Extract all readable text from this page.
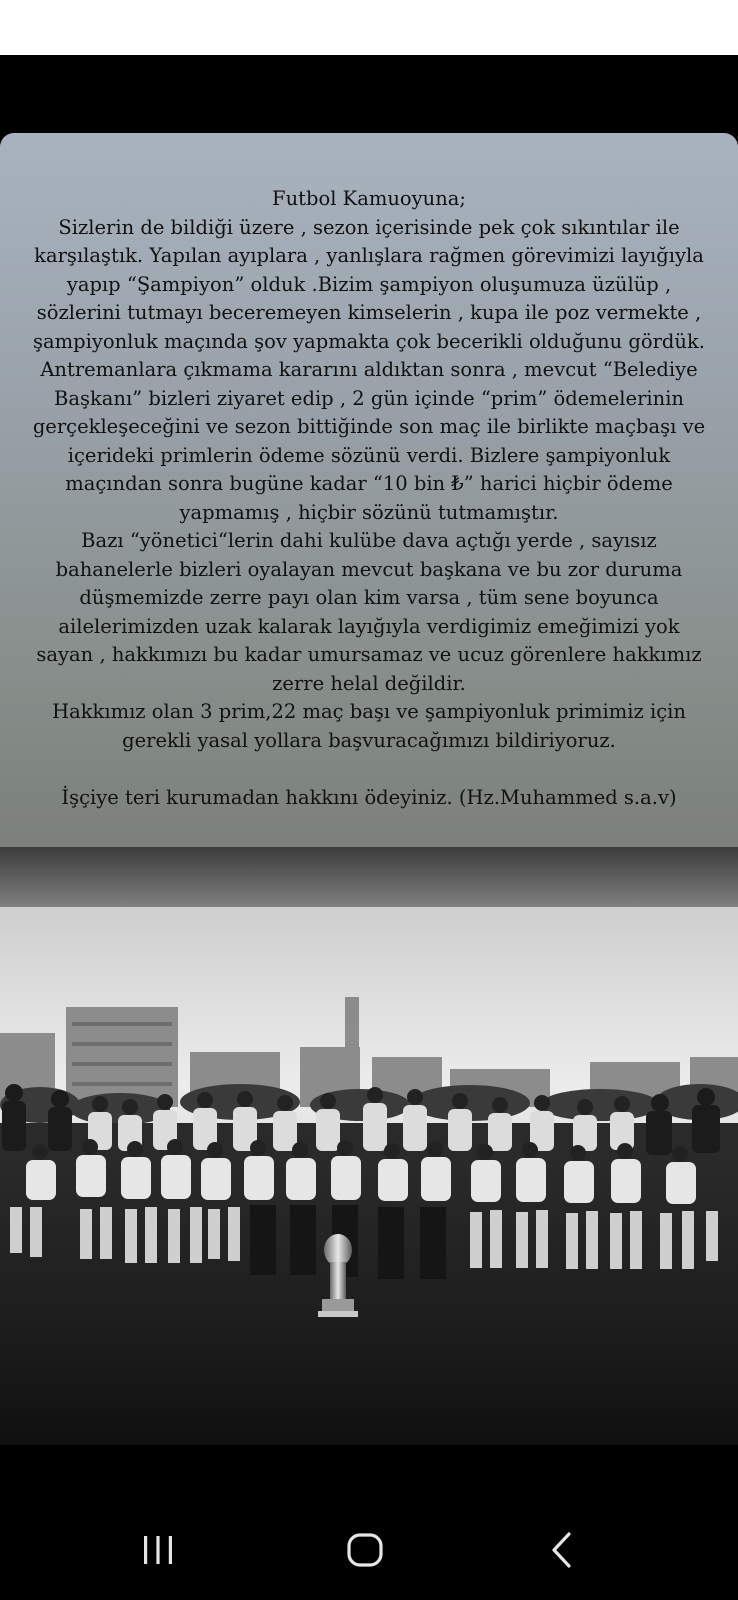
Futbol Kamuoyuna;
Sizlerin de bildiği üzere , sezon içerisinde pek çok sıkıntılar ile
karşılaştık. Yapılan ayıplara , yanlışlara rağmen görevimizi layığıyla
yapıp “Şampiyon” olduk .Bizim şampiyon oluşumuza üzülüp ,
sözlerini tutmayı beceremeyen kimselerin , kupa ile poz vermekte ,
şampiyonluk maçında şov yapmakta çok becerikli olduğunu gördük.
Antremanlara çıkmama kararını aldıktan sonra , mevcut “Belediye
Başkanı” bizleri ziyaret edip , 2 gün içinde “prim” ödemelerinin
gerçekleşeceğini ve sezon bittiğinde son maç ile birlikte maçbaşı ve
içerideki primlerin ödeme sözünü verdi. Bizlere şampiyonluk
maçından sonra bugüne kadar “10 bin ₺” harici hiçbir ödeme
yapmamış , hiçbir sözünü tutmamıştır.
Bazı “yönetici“lerin dahi kulübe dava açtığı yerde , sayısız
bahanelerle bizleri oyalayan mevcut başkana ve bu zor duruma
düşmemizde zerre payı olan kim varsa , tüm sene boyunca
ailelerimizden uzak kalarak layığıyla verdigimiz emeğimizi yok
sayan , hakkımızı bu kadar umursamaz ve ucuz görenlere hakkımız
zerre helal değildir.
Hakkımız olan 3 prim,22 maç başı ve şampiyonluk primimiz için
gerekli yasal yollara başvuracağımızı bildiriyoruz.
İşçiye teri kurumadan hakkını ödeyiniz. (Hz.Muhammed s.a.v)
